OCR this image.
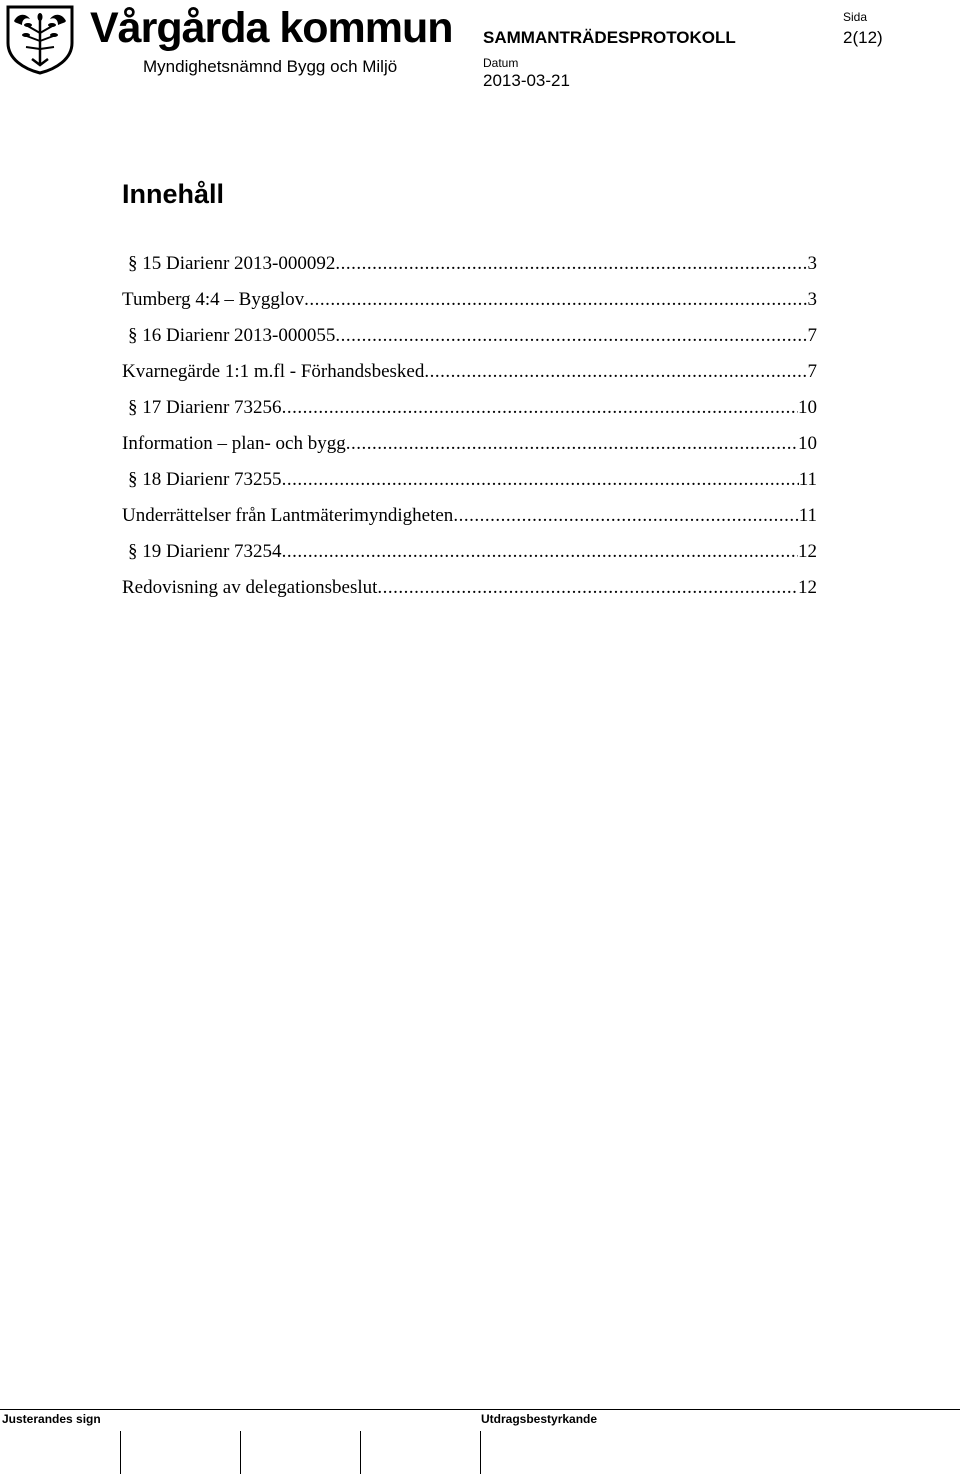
Vårgårda kommun
Myndighetsnämnd Bygg och Miljö
SAMMANTRÄDESPROTOKOLL
Datum
2013-03-21
Sida
2(12)
Innehåll
§ 15 Diarienr 2013-000092 .....	3
Tumberg 4:4 – Bygglov .....	3
§ 16 Diarienr 2013-000055 .....	7
Kvarnegärde 1:1 m.fl - Förhandsbesked .....	7
§ 17 Diarienr 73256 .....	10
Information – plan- och bygg .....	10
§ 18 Diarienr 73255 .....	11
Underrättelser från Lantmäterimyndigheten .....	11
§ 19 Diarienr 73254 .....	12
Redovisning av delegationsbeslut .....	12
Justerandes sign	Utdragsbestyrkande
